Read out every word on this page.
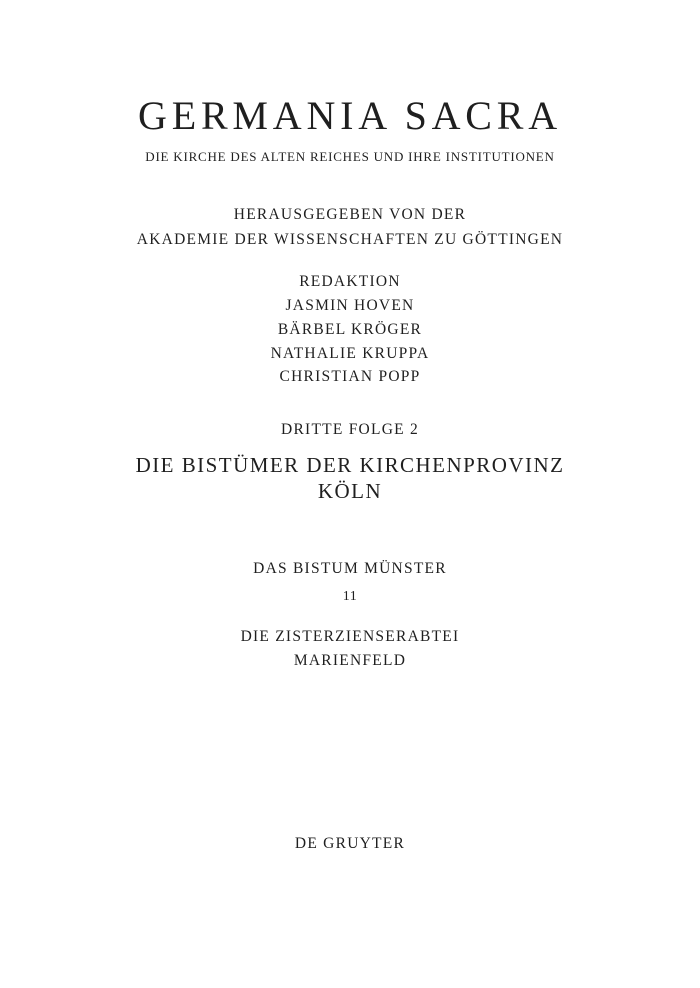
GERMANIA SACRA
DIE KIRCHE DES ALTEN REICHES UND IHRE INSTITUTIONEN
HERAUSGEGEBEN VON DER
AKADEMIE DER WISSENSCHAFTEN ZU GÖTTINGEN
REDAKTION
JASMIN HOVEN
BÄRBEL KRÖGER
NATHALIE KRUPPA
CHRISTIAN POPP
DRITTE FOLGE 2
DIE BISTÜMER DER KIRCHENPROVINZ
KÖLN
DAS BISTUM MÜNSTER
11
DIE ZISTERZIENSERABTEI
MARIENFELD
DE GRUYTER
